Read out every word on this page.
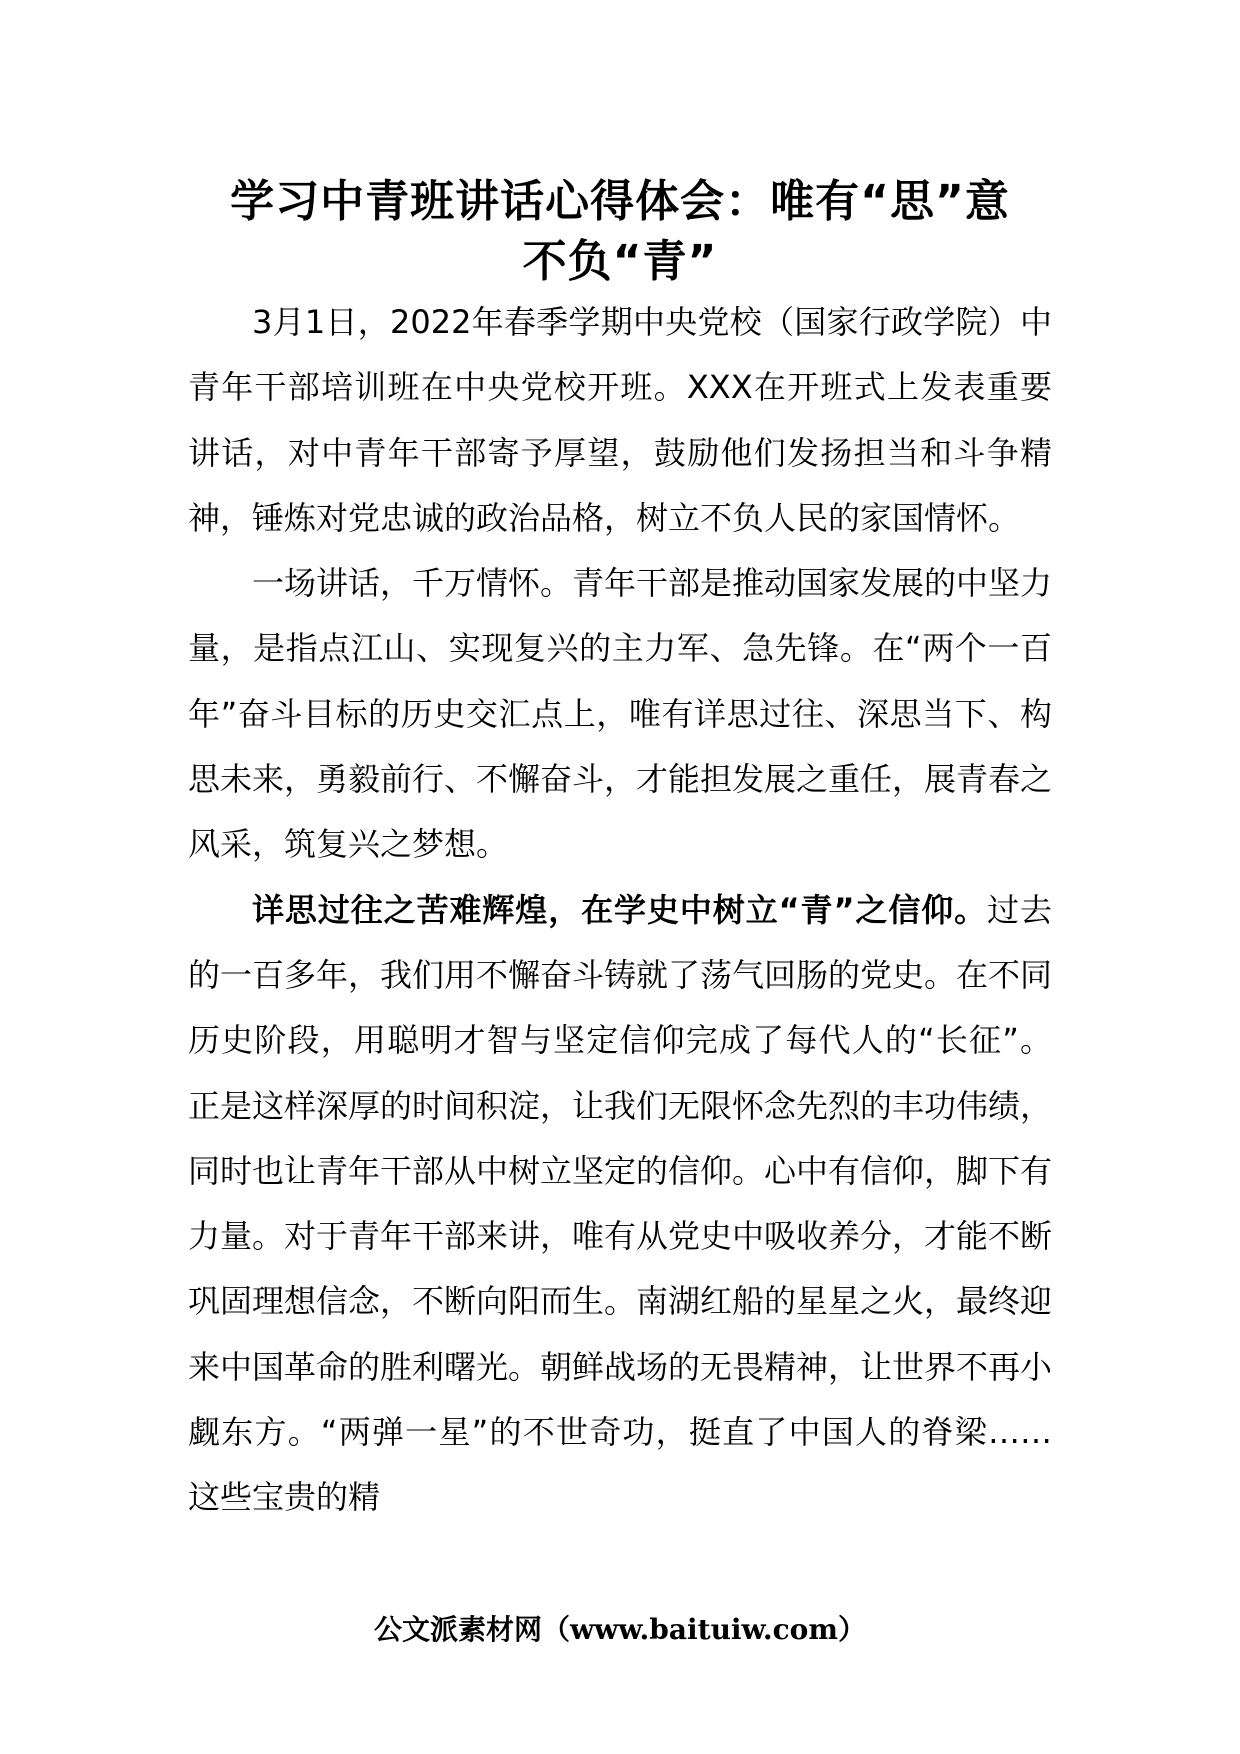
学习中青班讲话心得体会：唯有“思”意
不负“青”

3月1日，2022年春季学期中央党校（国家行政学院）中青年干部培训班在中央党校开班。XXX在开班式上发表重要讲话，对中青年干部寄予厚望，鼓励他们发扬担当和斗争精神，锤炼对党忠诚的政治品格，树立不负人民的家国情怀。

一场讲话，千万情怀。青年干部是推动国家发展的中坚力量，是指点江山、实现复兴的主力军、急先锋。在“两个一百年”奋斗目标的历史交汇点上，唯有详思过往、深思当下、构思未来，勇毅前行、不懈奋斗，才能担发展之重任，展青春之风采，筑复兴之梦想。

详思过往之苦难辉煌，在学史中树立“青”之信仰。过去的一百多年，我们用不懈奋斗铸就了荡气回肠的党史。在不同历史阶段，用聪明才智与坚定信仰完成了每代人的“长征”。正是这样深厚的时间积淀，让我们无限怀念先烈的丰功伟绩，同时也让青年干部从中树立坚定的信仰。心中有信仰，脚下有力量。对于青年干部来讲，唯有从党史中吸收养分，才能不断巩固理想信念，不断向阳而生。南湖红船的星星之火，最终迎来中国革命的胜利曙光。朝鲜战场的无畏精神，让世界不再小觑东方。“两弹一星”的不世奇功，挺直了中国人的脊梁……这些宝贵的精

公文派素材网（www.baituiw.com）
